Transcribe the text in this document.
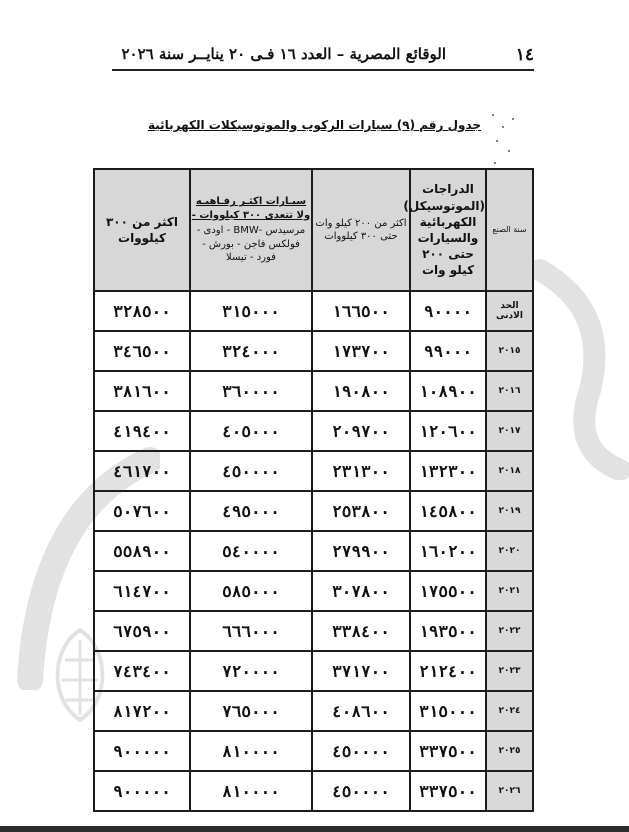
١٤
الوقائع المصرية – العدد ١٦ فـى ٢٠ ينايــر سنة ٢٠٢٦
جدول رقم (٩) سيارات الركوب والموتوسيكلات الكهربائية
اكثر من ٣٠٠ كيلووات	سيـارات اكثـر رفـاهيـه ولا تتعدى ٣٠٠ كيلووات -
مرسيدس -BMW - اودى - فولكس فاجن - بورش - فورد - تيسلا	اكثر من ٢٠٠ كيلو وات حتى ٣٠٠ كيلووات	الدراجات (الموتوسيكل) الكهربائية والسيارات حتى ٢٠٠ كيلو وات	سنة الصنع
٣٢٨٥٠٠	٣١٥٠٠٠	١٦٦٥٠٠	٩٠٠٠٠	الحد الادنى
٣٤٦٥٠٠	٣٢٤٠٠٠	١٧٣٧٠٠	٩٩٠٠٠	٢٠١٥
٣٨١٦٠٠	٣٦٠٠٠٠	١٩٠٨٠٠	١٠٨٩٠٠	٢٠١٦
٤١٩٤٠٠	٤٠٥٠٠٠	٢٠٩٧٠٠	١٢٠٦٠٠	٢٠١٧
٤٦١٧٠٠	٤٥٠٠٠٠	٢٣١٣٠٠	١٣٢٣٠٠	٢٠١٨
٥٠٧٦٠٠	٤٩٥٠٠٠	٢٥٣٨٠٠	١٤٥٨٠٠	٢٠١٩
٥٥٨٩٠٠	٥٤٠٠٠٠	٢٧٩٩٠٠	١٦٠٢٠٠	٢٠٢٠
٦١٤٧٠٠	٥٨٥٠٠٠	٣٠٧٨٠٠	١٧٥٥٠٠	٢٠٢١
٦٧٥٩٠٠	٦٦٦٠٠٠	٣٣٨٤٠٠	١٩٣٥٠٠	٢٠٢٢
٧٤٣٤٠٠	٧٢٠٠٠٠	٣٧١٧٠٠	٢١٢٤٠٠	٢٠٢٣
٨١٧٢٠٠	٧٦٥٠٠٠	٤٠٨٦٠٠	٣١٥٠٠٠	٢٠٢٤
٩٠٠٠٠٠	٨١٠٠٠٠	٤٥٠٠٠٠	٣٣٧٥٠٠	٢٠٢٥
٩٠٠٠٠٠	٨١٠٠٠٠	٤٥٠٠٠٠	٣٣٧٥٠٠	٢٠٢٦
